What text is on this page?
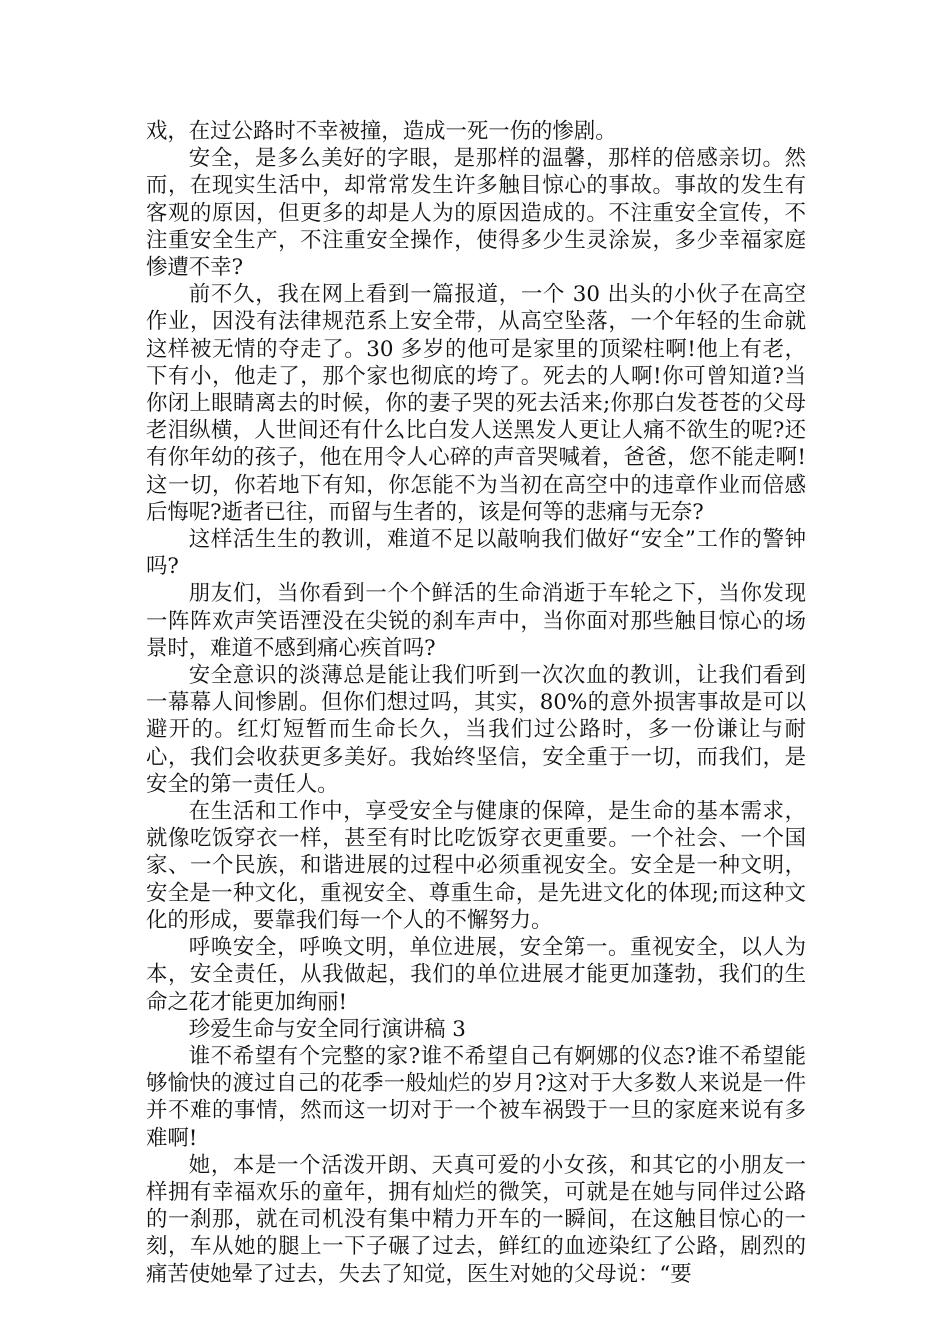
戏，在过公路时不幸被撞，造成一死一伤的惨剧。

安全，是多么美好的字眼，是那样的温馨，那样的倍感亲切。然而，在现实生活中，却常常发生许多触目惊心的事故。事故的发生有客观的原因，但更多的却是人为的原因造成的。不注重安全宣传，不注重安全生产，不注重安全操作，使得多少生灵涂炭，多少幸福家庭惨遭不幸?

前不久，我在网上看到一篇报道，一个 30 出头的小伙子在高空作业，因没有法律规范系上安全带，从高空坠落，一个年轻的生命就这样被无情的夺走了。30 多岁的他可是家里的顶梁柱啊!他上有老，下有小，他走了，那个家也彻底的垮了。死去的人啊!你可曾知道?当你闭上眼睛离去的时候，你的妻子哭的死去活来;你那白发苍苍的父母老泪纵横，人世间还有什么比白发人送黑发人更让人痛不欲生的呢?还有你年幼的孩子，他在用令人心碎的声音哭喊着，爸爸，您不能走啊!这一切，你若地下有知，你怎能不为当初在高空中的违章作业而倍感后悔呢?逝者已往，而留与生者的，该是何等的悲痛与无奈?

这样活生生的教训，难道不足以敲响我们做好“安全”工作的警钟吗?

朋友们，当你看到一个个鲜活的生命消逝于车轮之下，当你发现一阵阵欢声笑语湮没在尖锐的刹车声中，当你面对那些触目惊心的场景时，难道不感到痛心疾首吗?

安全意识的淡薄总是能让我们听到一次次血的教训，让我们看到一幕幕人间惨剧。但你们想过吗，其实，80%的意外损害事故是可以避开的。红灯短暂而生命长久，当我们过公路时，多一份谦让与耐心，我们会收获更多美好。我始终坚信，安全重于一切，而我们，是安全的第一责任人。

在生活和工作中，享受安全与健康的保障，是生命的基本需求，就像吃饭穿衣一样，甚至有时比吃饭穿衣更重要。一个社会、一个国家、一个民族，和谐进展的过程中必须重视安全。安全是一种文明，安全是一种文化，重视安全、尊重生命，是先进文化的体现;而这种文化的形成，要靠我们每一个人的不懈努力。

呼唤安全，呼唤文明，单位进展，安全第一。重视安全，以人为本，安全责任，从我做起，我们的单位进展才能更加蓬勃，我们的生命之花才能更加绚丽!

珍爱生命与安全同行演讲稿 3

谁不希望有个完整的家?谁不希望自己有婀娜的仪态?谁不希望能够愉快的渡过自己的花季一般灿烂的岁月?这对于大多数人来说是一件并不难的事情，然而这一切对于一个被车祸毁于一旦的家庭来说有多难啊!

她，本是一个活泼开朗、天真可爱的小女孩，和其它的小朋友一样拥有幸福欢乐的童年，拥有灿烂的微笑，可就是在她与同伴过公路的一刹那，就在司机没有集中精力开车的一瞬间，在这触目惊心的一刻，车从她的腿上一下子碾了过去，鲜红的血迹染红了公路，剧烈的痛苦使她晕了过去，失去了知觉，医生对她的父母说：“要
